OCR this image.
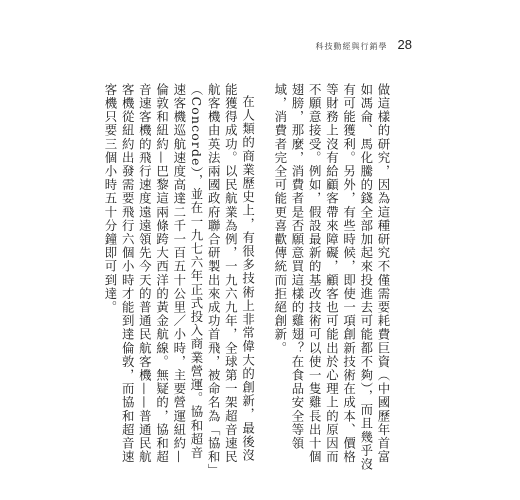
科技動經與行銷學 28

做這樣的研究，因為這種研究不僅需要耗費巨資（中國歷年首富如馮侖、馬化騰的錢全部加起來投進去可能都不夠），而且幾乎沒有可能獲利。另外，有些時候，即使一項創新技術在成本、價格等財務上沒有給顧客帶來障礙，顧客也可能出於心理上的原因而不願意接受。例如，假設最新的基改技術可以使一隻雞長出十個翅膀，那麼，消費者是否願意買這樣的雞翅？在食品安全等領域，消費者完全可能更喜歡傳統而拒絕創新。

在人類的商業歷史上，有很多技術上非常偉大的創新，最後沒能獲得成功。以民航業為例，一九六九年，全球第一架超音速民航客機由英法兩國政府聯合研製出來成功首飛，被命名為「協和」（Concorde），並在一九七六年正式投入商業營運。協和超音速客機巡航速度高達二千一百五十公里／小時，主要營運紐約—倫敦和紐約—巴黎這兩條跨大西洋的黃金航線。無疑的，協和超音速客機的飛行速度遠遠領先今天的普通民航客機——普通民航客機從紐約出發需要飛行六個小時才能到達倫敦，而協和超音速客機只要三個小時五十分鐘即可到達。
